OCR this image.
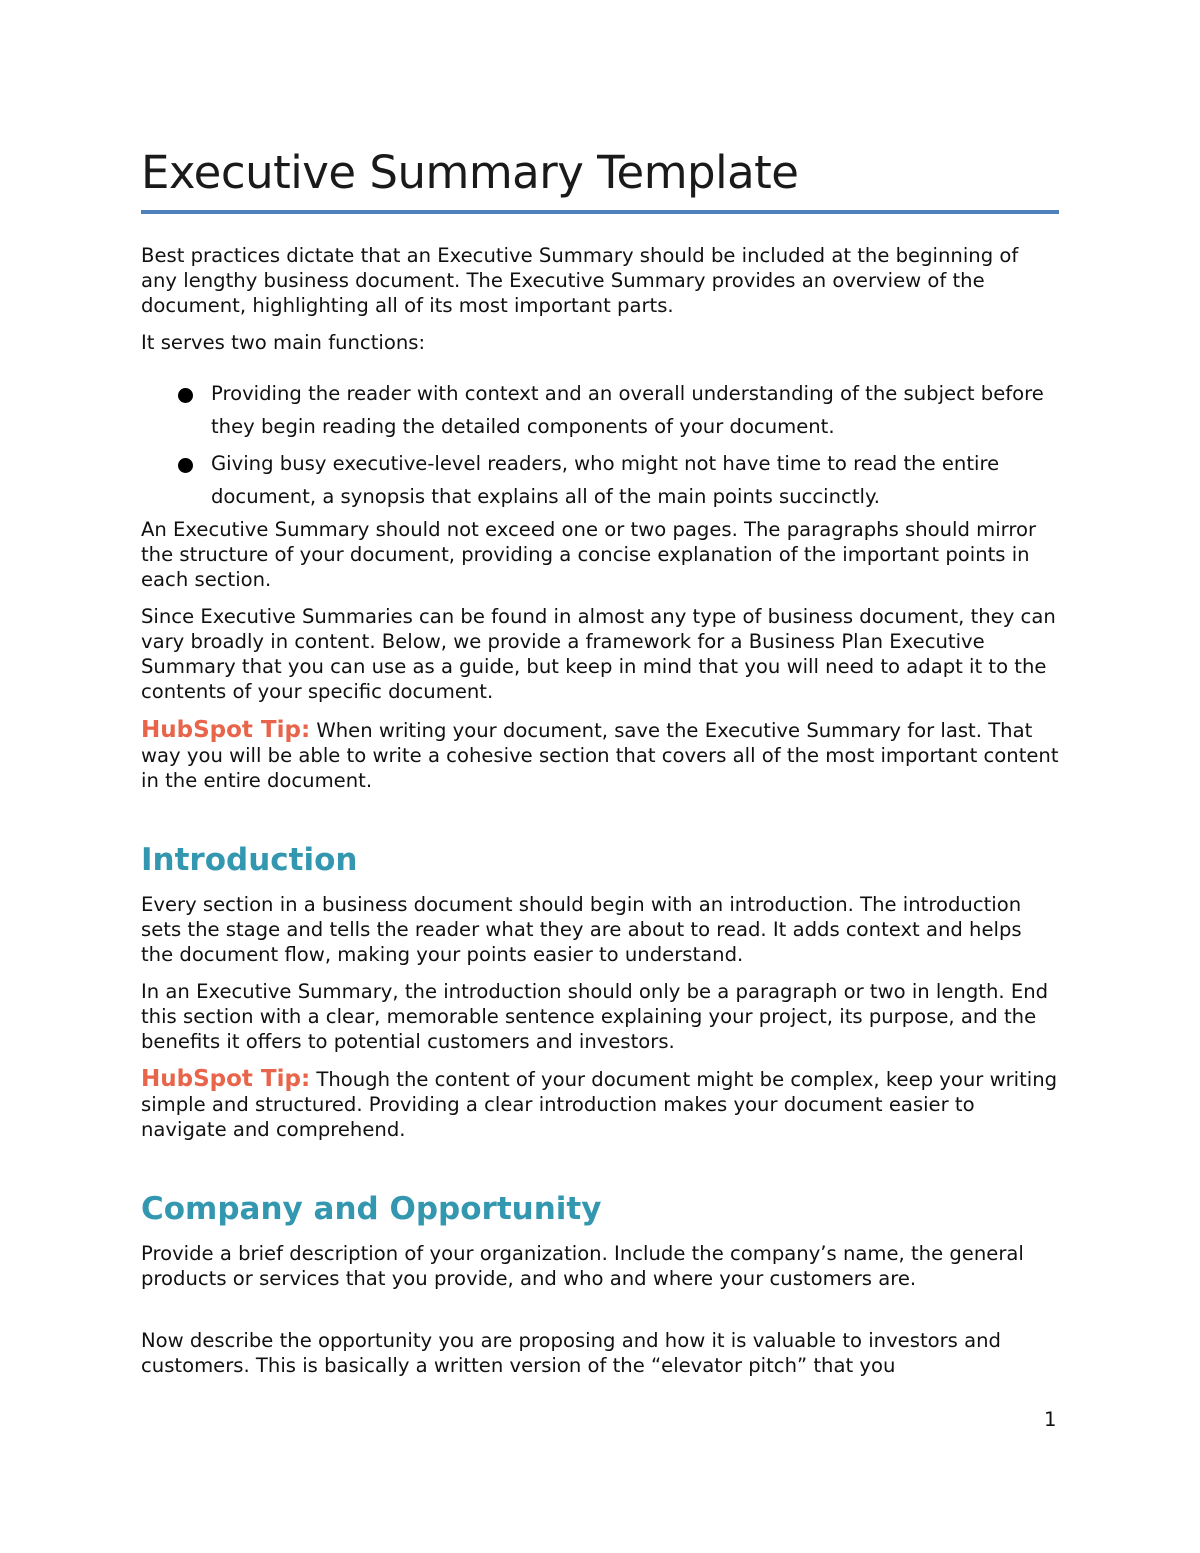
Executive Summary Template

Best practices dictate that an Executive Summary should be included at the beginning of any lengthy business document. The Executive Summary provides an overview of the document, highlighting all of its most important parts.

It serves two main functions:

Providing the reader with context and an overall understanding of the subject before they begin reading the detailed components of your document.
Giving busy executive-level readers, who might not have time to read the entire document, a synopsis that explains all of the main points succinctly.

An Executive Summary should not exceed one or two pages. The paragraphs should mirror the structure of your document, providing a concise explanation of the important points in each section.

Since Executive Summaries can be found in almost any type of business document, they can vary broadly in content. Below, we provide a framework for a Business Plan Executive Summary that you can use as a guide, but keep in mind that you will need to adapt it to the contents of your specific document.

HubSpot Tip: When writing your document, save the Executive Summary for last. That way you will be able to write a cohesive section that covers all of the most important content in the entire document.

Introduction

Every section in a business document should begin with an introduction. The introduction sets the stage and tells the reader what they are about to read. It adds context and helps the document flow, making your points easier to understand.

In an Executive Summary, the introduction should only be a paragraph or two in length. End this section with a clear, memorable sentence explaining your project, its purpose, and the benefits it offers to potential customers and investors.

HubSpot Tip: Though the content of your document might be complex, keep your writing simple and structured. Providing a clear introduction makes your document easier to navigate and comprehend.

Company and Opportunity

Provide a brief description of your organization. Include the company’s name, the general products or services that you provide, and who and where your customers are.

Now describe the opportunity you are proposing and how it is valuable to investors and customers. This is basically a written version of the “elevator pitch” that you

1
